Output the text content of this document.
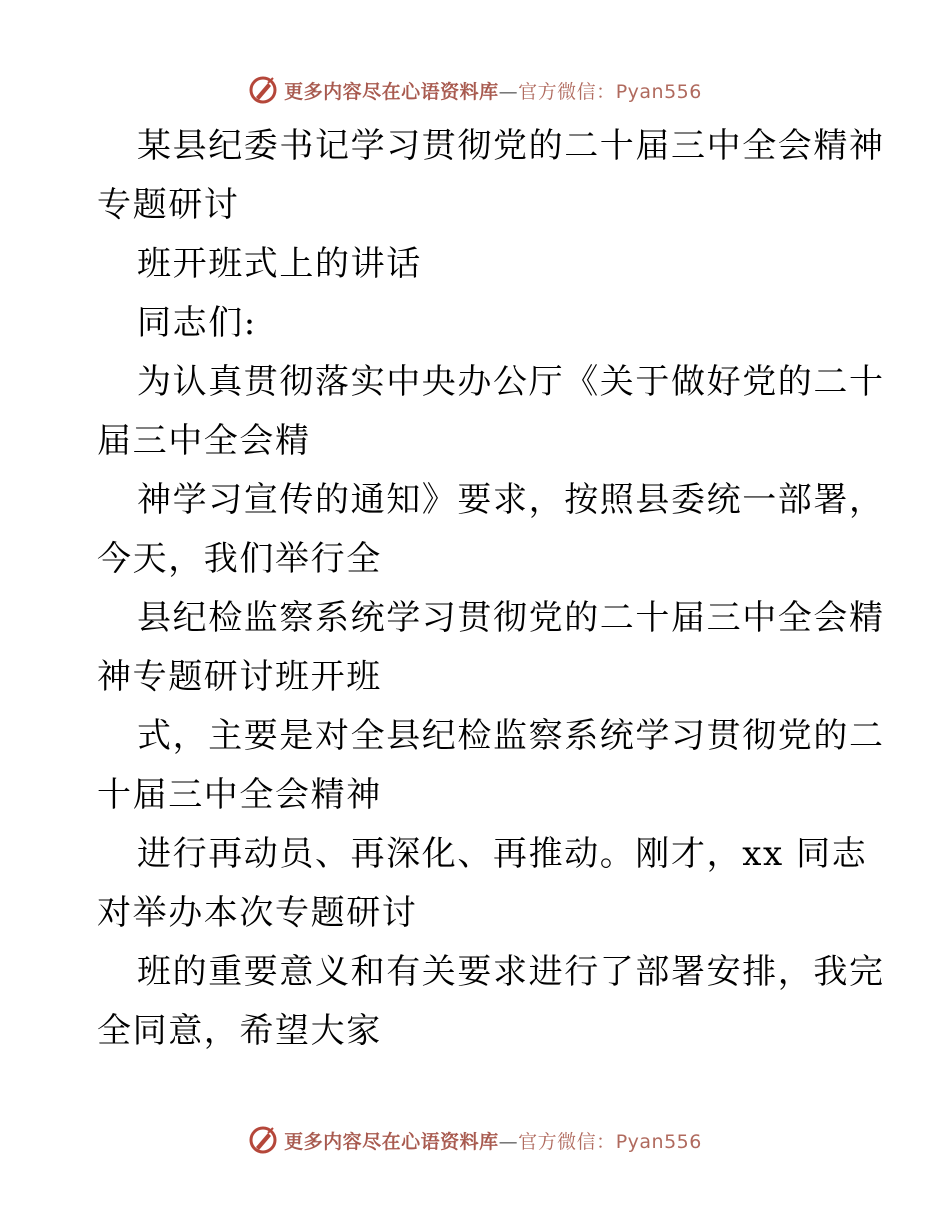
更多内容尽在心语资料库—官方微信：Pyan556
某县纪委书记学习贯彻党的二十届三中全会精神
专题研讨
班开班式上的讲话
同志们:
为认真贯彻落实中央办公厅《关于做好党的二十
届三中全会精
神学习宣传的通知》要求，按照县委统一部署，
今天，我们举行全
县纪检监察系统学习贯彻党的二十届三中全会精
神专题研讨班开班
式，主要是对全县纪检监察系统学习贯彻党的二
十届三中全会精神
进行再动员、再深化、再推动。刚才，xx 同志
对举办本次专题研讨
班的重要意义和有关要求进行了部署安排，我完
全同意，希望大家
更多内容尽在心语资料库—官方微信：Pyan556
